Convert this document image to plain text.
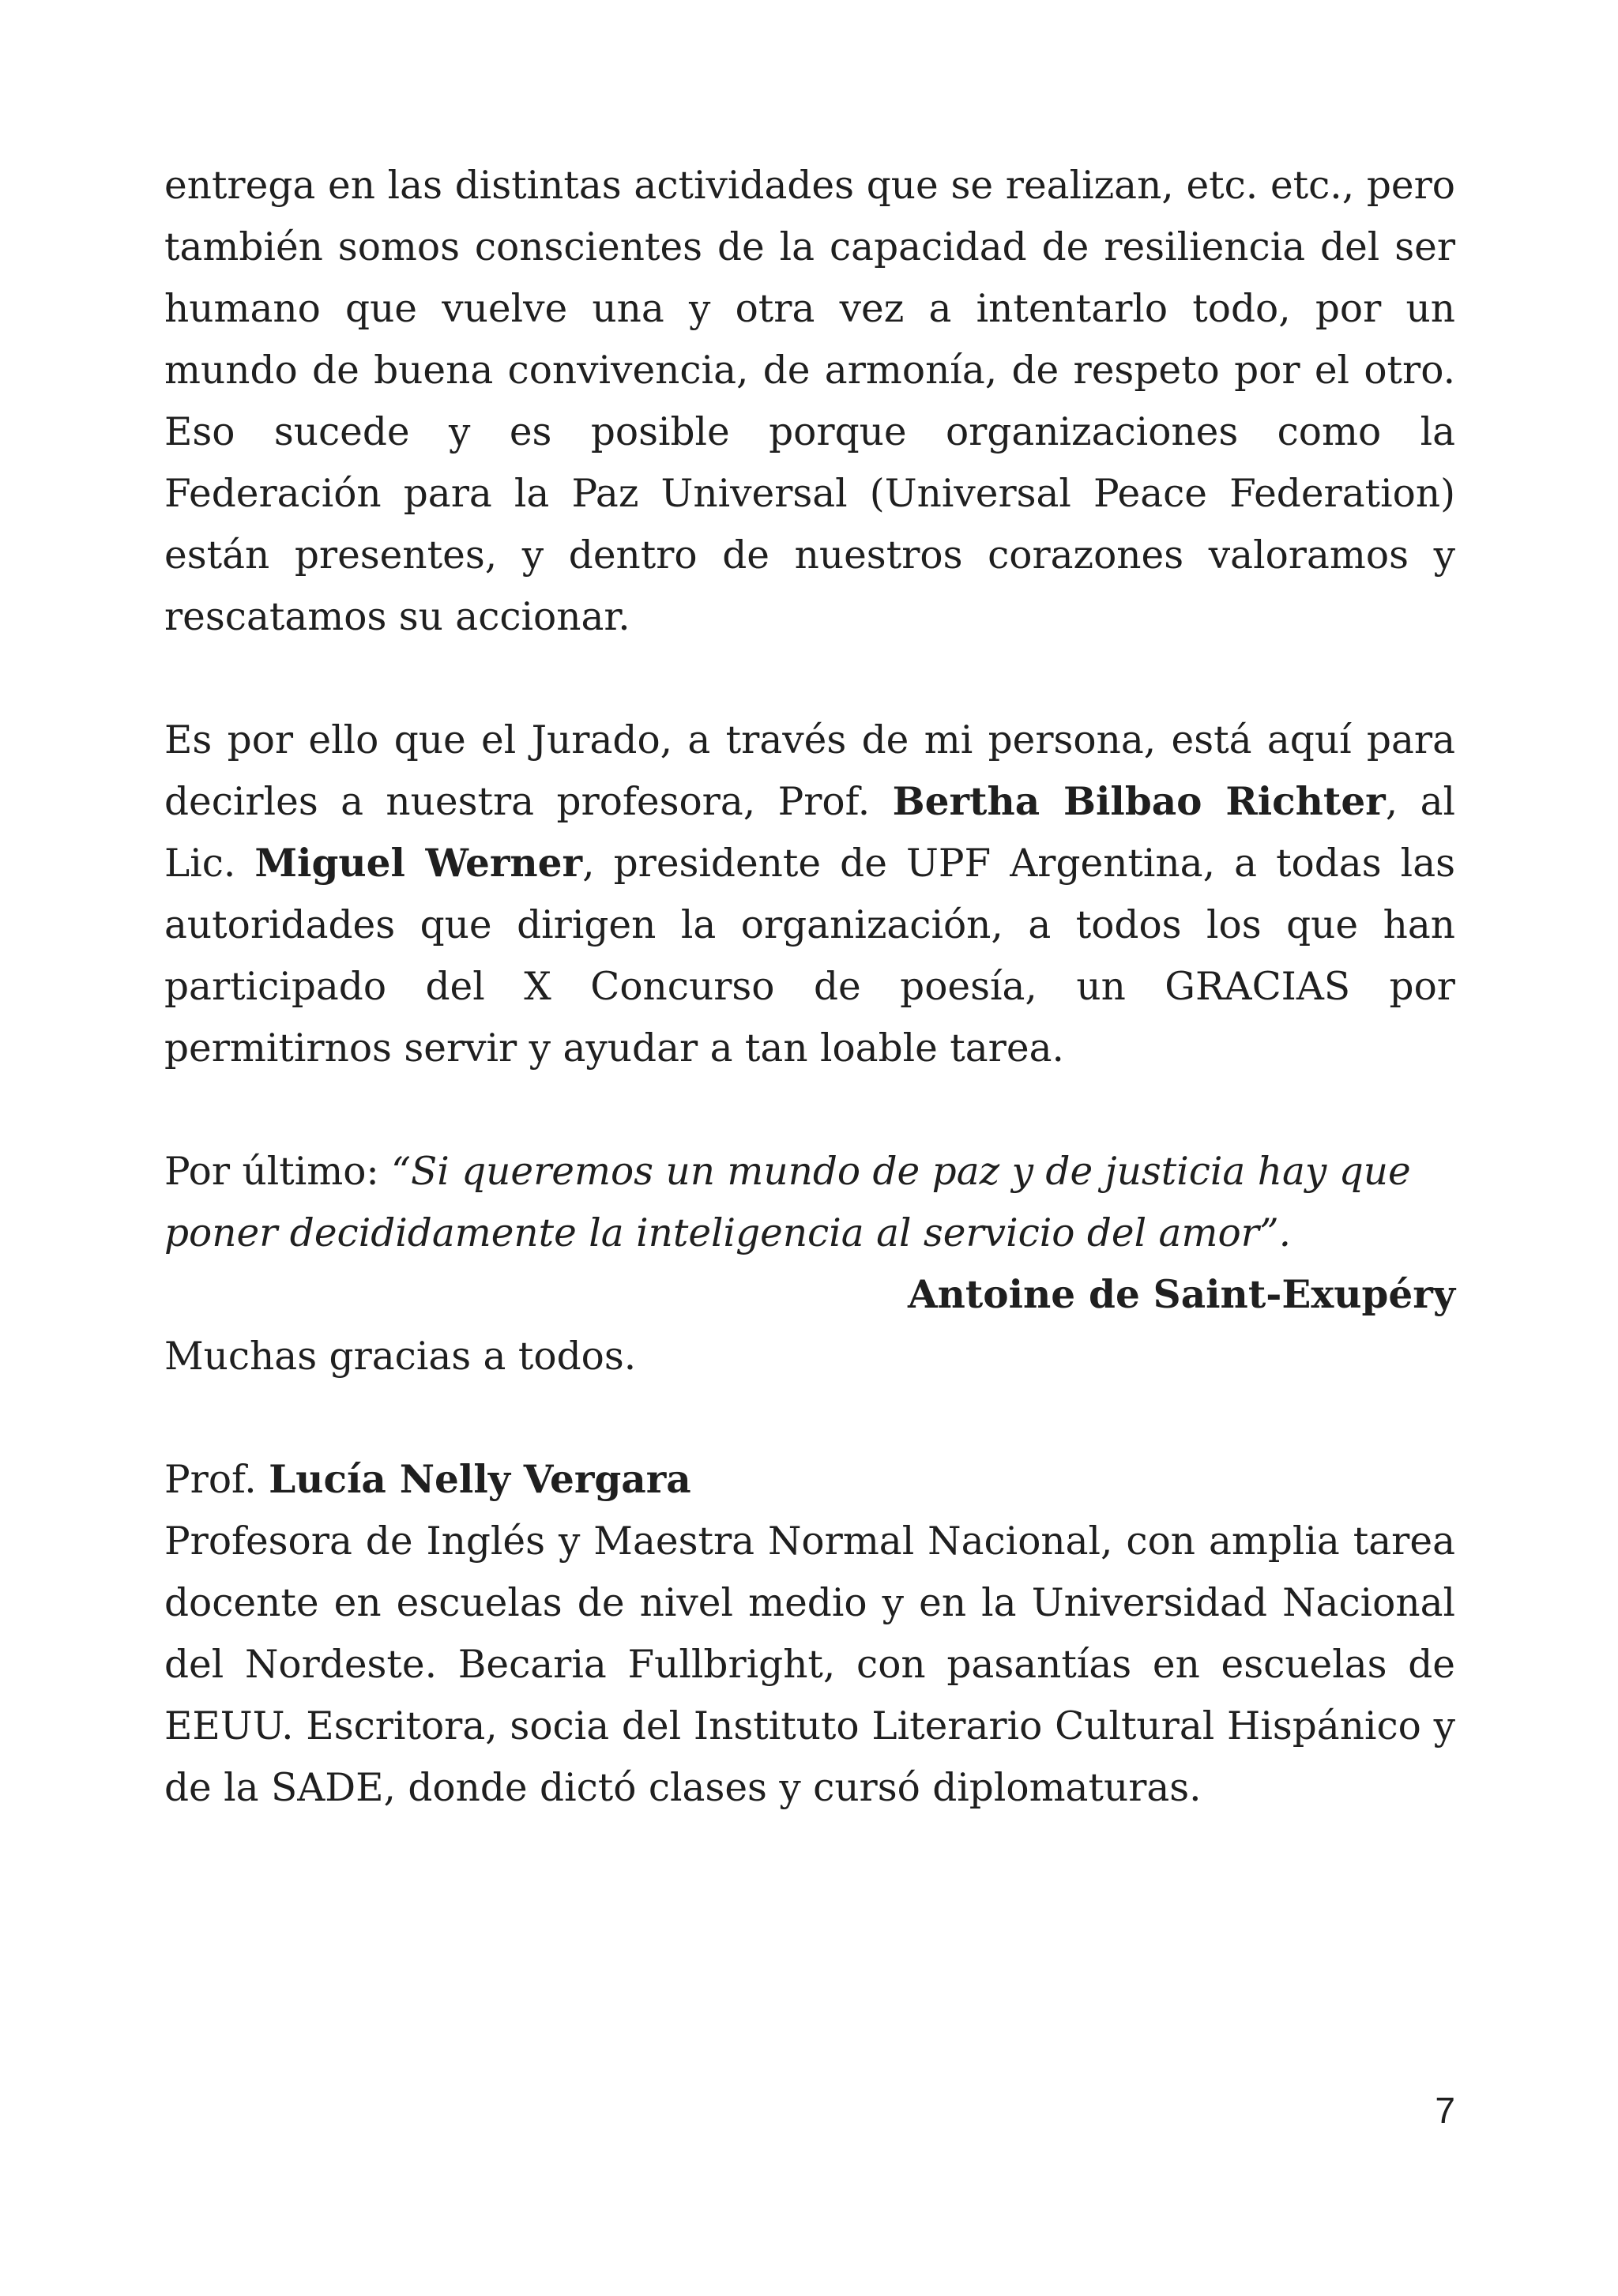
entrega en las distintas actividades que se realizan, etc. etc., pero también somos conscientes de la capacidad de resiliencia del ser humano que vuelve una y otra vez a intentarlo todo, por un mundo de buena convivencia, de armonía, de respeto por el otro. Eso sucede y es posible porque organizaciones como la Federación para la Paz Universal (Universal Peace Federation) están presentes, y dentro de nuestros corazones valoramos y rescatamos su accionar.

Es por ello que el Jurado, a través de mi persona, está aquí para decirles a nuestra profesora, Prof. Bertha Bilbao Richter, al Lic. Miguel Werner, presidente de UPF Argentina, a todas las autoridades que dirigen la organización, a todos los que han participado del X Concurso de poesía, un GRACIAS por permitirnos servir y ayudar a tan loable tarea.

Por último: “Si queremos un mundo de paz y de justicia hay que poner decididamente la inteligencia al servicio del amor”.

Antoine de Saint-Exupéry

Muchas gracias a todos.

Prof. Lucía Nelly Vergara

Profesora de Inglés y Maestra Normal Nacional, con amplia tarea docente en escuelas de nivel medio y en la Universidad Nacional del Nordeste. Becaria Fullbright, con pasantías en escuelas de EEUU. Escritora, socia del Instituto Literario Cultural Hispánico y de la SADE, donde dictó clases y cursó diplomaturas.

7
